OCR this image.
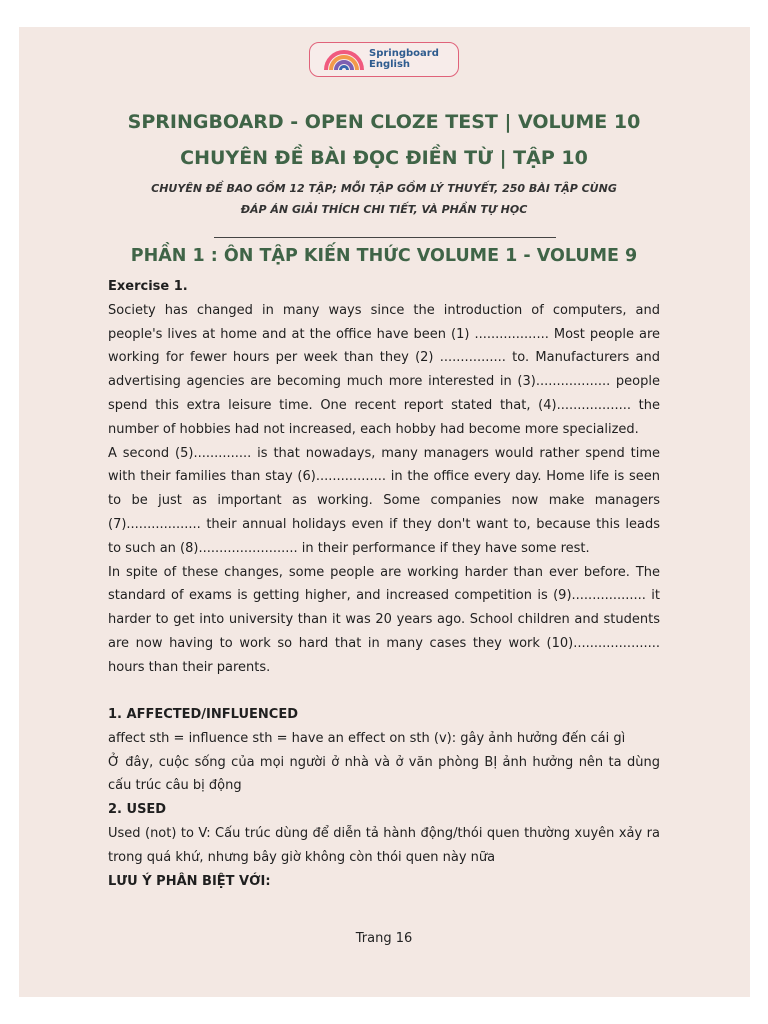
Springboard
English
SPRINGBOARD - OPEN CLOZE TEST | VOLUME 10
CHUYÊN ĐỀ BÀI ĐỌC ĐIỀN TỪ | TẬP 10
CHUYÊN ĐỀ BAO GỒM 12 TẬP; MỖI TẬP GỒM LÝ THUYẾT, 250 BÀI TẬP CÙNG
ĐÁP ÁN GIẢI THÍCH CHI TIẾT, VÀ PHẦN TỰ HỌC
PHẦN 1 : ÔN TẬP KIẾN THỨC VOLUME 1 - VOLUME 9

Exercise 1.

Society has changed in many ways since the introduction of computers, and people's lives at home and at the office have been (1) .................. Most people are working for fewer hours per week than they (2) ................ to. Manufacturers and advertising agencies are becoming much more interested in (3).................. people spend this extra leisure time. One recent report stated that, (4).................. the number of hobbies had not increased, each hobby had become more specialized.

A second (5).............. is that nowadays, many managers would rather spend time with their families than stay (6)................. in the office every day. Home life is seen to be just as important as working. Some companies now make managers (7).................. their annual holidays even if they don't want to, because this leads to such an (8)........................ in their performance if they have some rest.

In spite of these changes, some people are working harder than ever before. The standard of exams is getting higher, and increased competition is (9).................. it harder to get into university than it was 20 years ago. School children and students are now having to work so hard that in many cases they work (10)..................... hours than their parents.

1. AFFECTED/INFLUENCED

affect sth = influence sth = have an effect on sth (v): gây ảnh hưởng đến cái gì

Ở đây, cuộc sống của mọi người ở nhà và ở văn phòng BỊ ảnh hưởng nên ta dùng cấu trúc câu bị động

2. USED

Used (not) to V: Cấu trúc dùng để diễn tả hành động/thói quen thường xuyên xảy ra trong quá khứ, nhưng bây giờ không còn thói quen này nữa

LƯU Ý PHÂN BIỆT VỚI:

Trang 16
